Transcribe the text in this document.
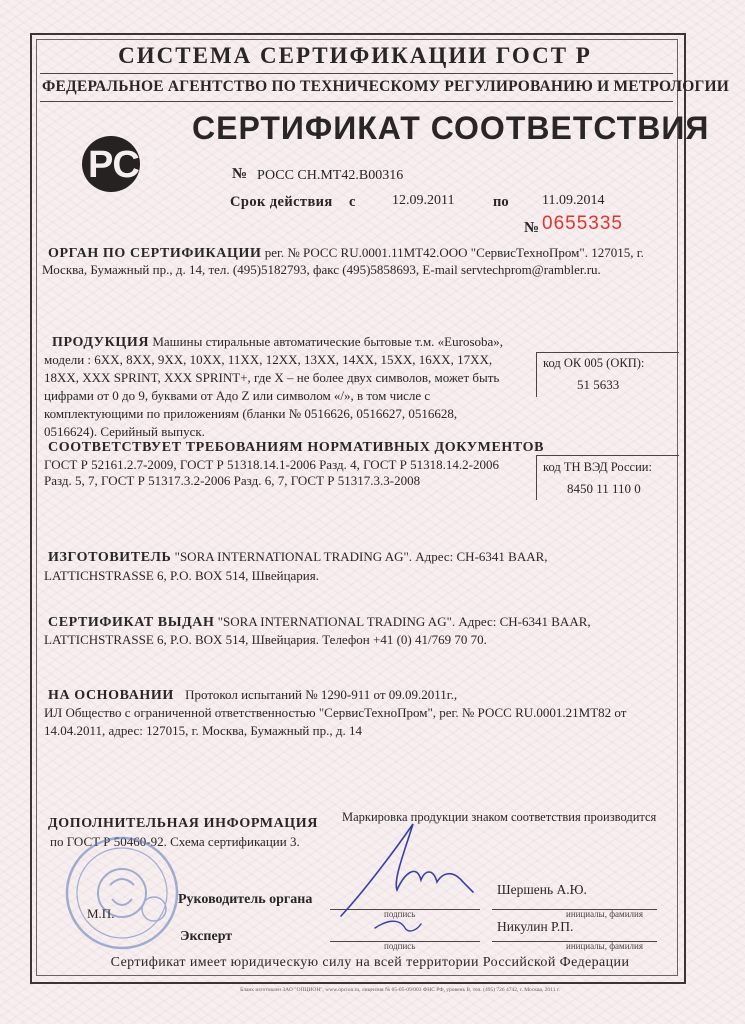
СИСТЕМА СЕРТИФИКАЦИИ ГОСТ Р
ФЕДЕРАЛЬНОЕ АГЕНТСТВО ПО ТЕХНИЧЕСКОМУ РЕГУЛИРОВАНИЮ И МЕТРОЛОГИИ
РСТ
СЕРТИФИКАТ СООТВЕТСТВИЯ
№ РОСС CH.MT42.B00316
Срок действия с	12.09.2011	по 11.09.2014
№ 0655335
ОРГАН ПО СЕРТИФИКАЦИИ рег. № РОСС RU.0001.11MT42.ООО "СервисТехноПром". 127015, г.
Москва, Бумажный пр., д. 14, тел. (495)5182793, факс (495)5858693, E-mail servtechprom@rambler.ru.
ПРОДУКЦИЯ Машины стиральные автоматические бытовые т.м. «Eurosoba»,
модели : 6XX, 8XX, 9XX, 10XX, 11XX, 12XX, 13XX, 14XX, 15XX, 16XX, 17XX,
18XX, XXX SPRINT, XXX SPRINT+, где X – не более двух символов, может быть
цифрами от 0 до 9, буквами от Aдо Z или символом «/», в том числе с
комплектующими по приложениям (бланки № 0516626, 0516627, 0516628,
0516624). Серийный выпуск.
код ОК 005 (ОКП):
51 5633
СООТВЕТСТВУЕТ ТРЕБОВАНИЯМ НОРМАТИВНЫХ ДОКУМЕНТОВ
ГОСТ Р 52161.2.7-2009, ГОСТ Р 51318.14.1-2006 Разд. 4, ГОСТ Р 51318.14.2-2006
Разд. 5, 7, ГОСТ Р 51317.3.2-2006 Разд. 6, 7, ГОСТ Р 51317.3.3-2008
код ТН ВЭД России:
8450 11 110 0
ИЗГОТОВИТЕЛЬ "SORA INTERNATIONAL TRADING AG". Адрес: CH-6341 BAAR,
LATTICHSTRASSE 6, P.O. BOX 514, Швейцария.
СЕРТИФИКАТ ВЫДАН "SORA INTERNATIONAL TRADING AG". Адрес: CH-6341 BAAR,
LATTICHSTRASSE 6, P.O. BOX 514, Швейцария. Телефон +41 (0) 41/769 70 70.
НА ОСНОВАНИИ Протокол испытаний № 1290-911 от 09.09.2011г.,
ИЛ Общество с ограниченной ответственностью "СервисТехноПром", рег. № РОСС RU.0001.21MT82 от
14.04.2011, адрес: 127015, г. Москва, Бумажный пр., д. 14
ДОПОЛНИТЕЛЬНАЯ ИНФОРМАЦИЯ Маркировка продукции знаком соответствия производится
по ГОСТ Р 50460-92. Схема сертификации 3.
М.П.
Руководитель органа
подпись
Шершень А.Ю.
инициалы, фамилия
Эксперт
подпись
Никулин Р.П.
инициалы, фамилия
Сертификат имеет юридическую силу на всей территории Российской Федерации
Бланк изготовлен ЗАО "ОПЦИОН", www.opcion.ru, лицензия № 05-05-09/003 ФНС РФ, уровень В, тел. (495) 726 4742, г. Москва, 2011 г.
